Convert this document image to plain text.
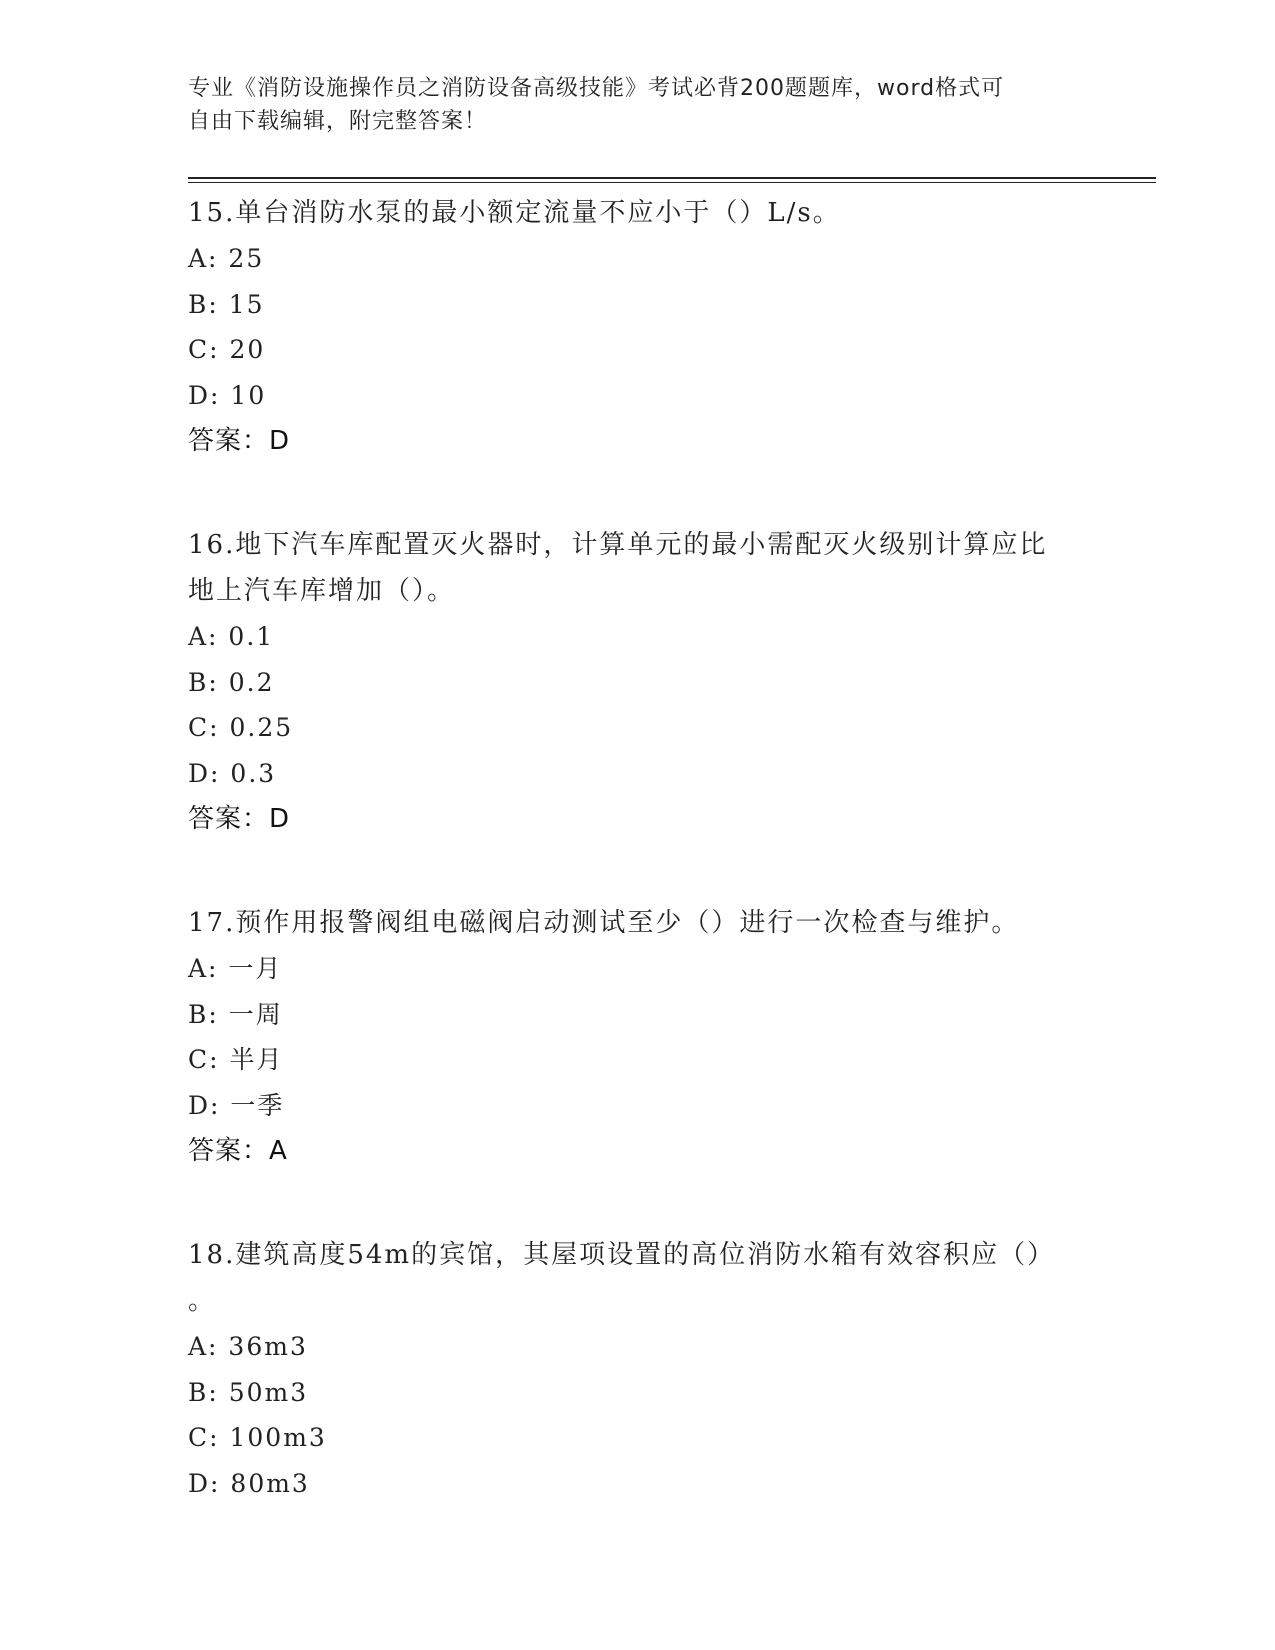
专业《消防设施操作员之消防设备高级技能》考试必背200题题库，word格式可
自由下载编辑，附完整答案！

15.单台消防水泵的最小额定流量不应小于（）L/s。

A: 25

B: 15

C: 20

D: 10

答案：D

16.地下汽车库配置灭火器时，计算单元的最小需配灭火级别计算应比

地上汽车库增加（）。

A: 0.1

B: 0.2

C: 0.25

D: 0.3

答案：D

17.预作用报警阀组电磁阀启动测试至少（）进行一次检查与维护。

A: 一月

B: 一周

C: 半月

D: 一季

答案：A

18.建筑高度54m的宾馆，其屋项设置的高位消防水箱有效容积应（）

。

A: 36m3

B: 50m3

C: 100m3

D: 80m3
